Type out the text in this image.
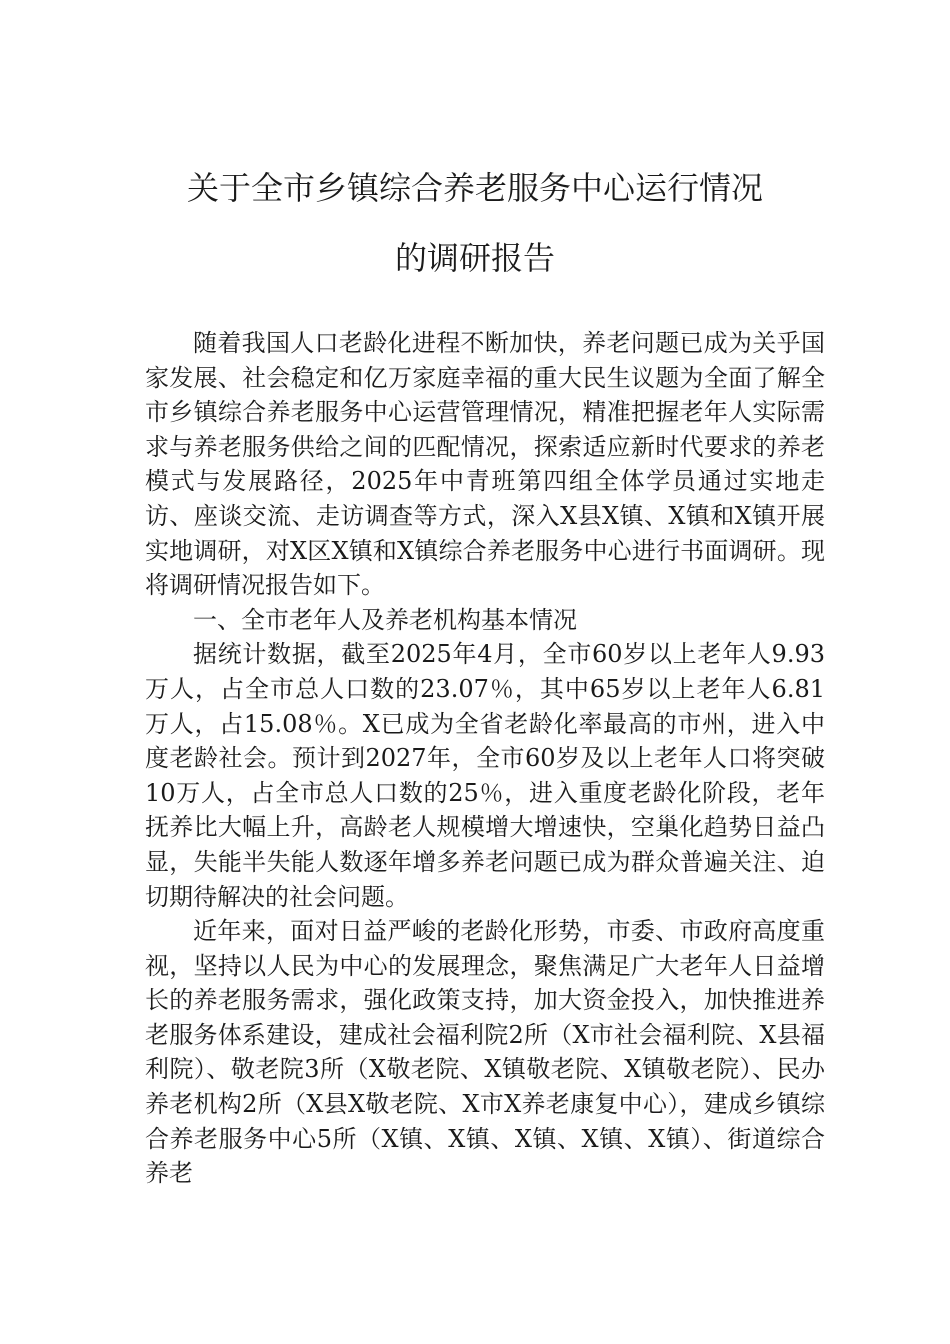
关于全市乡镇综合养老服务中心运行情况
的调研报告

随着我国人口老龄化进程不断加快，养老问题已成为关乎国家发展、社会稳定和亿万家庭幸福的重大民生议题为全面了解全市乡镇综合养老服务中心运营管理情况，精准把握老年人实际需求与养老服务供给之间的匹配情况，探索适应新时代要求的养老模式与发展路径，2025年中青班第四组全体学员通过实地走访、座谈交流、走访调查等方式，深入X县X镇、X镇和X镇开展实地调研，对X区X镇和X镇综合养老服务中心进行书面调研。现将调研情况报告如下。

一、全市老年人及养老机构基本情况

据统计数据，截至2025年4月，全市60岁以上老年人9.93万人，占全市总人口数的23.07％，其中65岁以上老年人6.81万人，占15.08％。X已成为全省老龄化率最高的市州，进入中度老龄社会。预计到2027年，全市60岁及以上老年人口将突破10万人，占全市总人口数的25％，进入重度老龄化阶段，老年抚养比大幅上升，高龄老人规模增大增速快，空巢化趋势日益凸显，失能半失能人数逐年增多养老问题已成为群众普遍关注、迫切期待解决的社会问题。

近年来，面对日益严峻的老龄化形势，市委、市政府高度重视，坚持以人民为中心的发展理念，聚焦满足广大老年人日益增长的养老服务需求，强化政策支持，加大资金投入，加快推进养老服务体系建设，建成社会福利院2所（X市社会福利院、X县福利院）、敬老院3所（X敬老院、X镇敬老院、X镇敬老院）、民办养老机构2所（X县X敬老院、X市X养老康复中心），建成乡镇综合养老服务中心5所（X镇、X镇、X镇、X镇、X镇）、街道综合养老
